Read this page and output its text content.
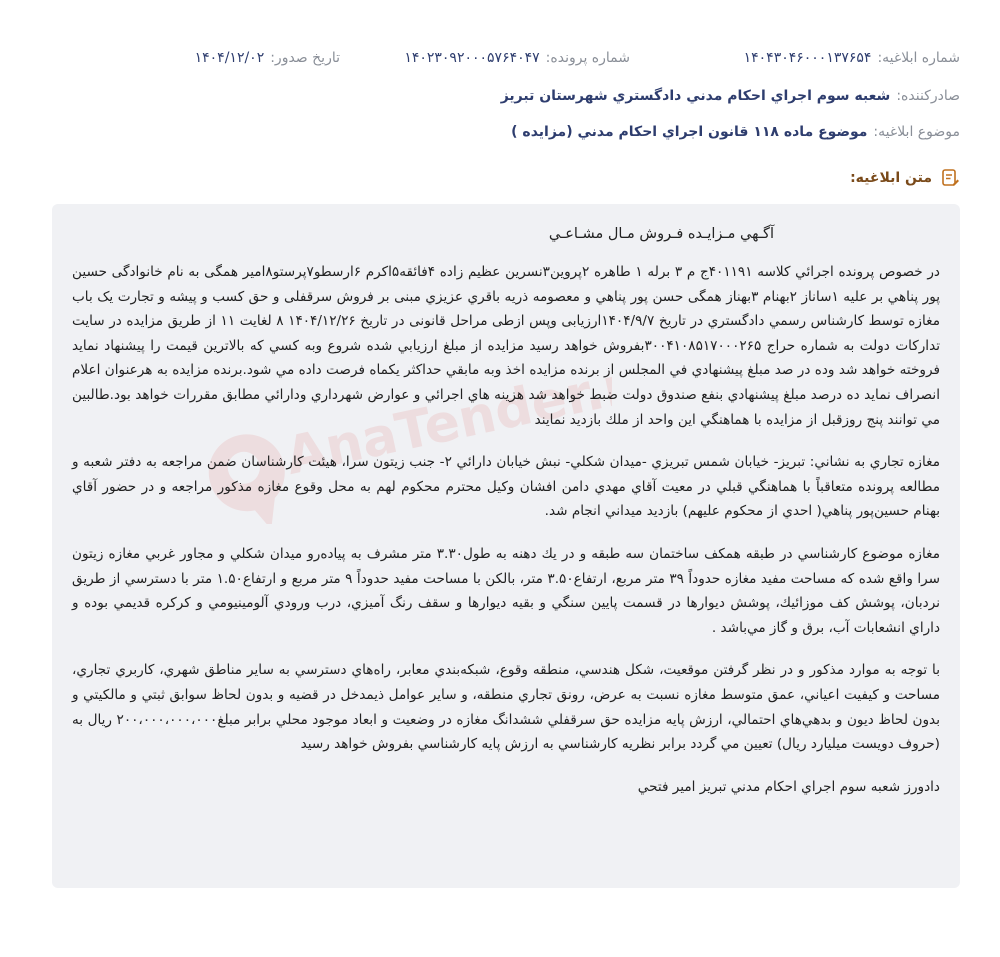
شماره ابلاغیه:
۱۴۰۴۳۰۴۶۰۰۰۱۳۷۶۵۴
شماره پرونده:
۱۴۰۲۳۰۹۲۰۰۰۵۷۶۴۰۴۷
تاریخ صدور:
۱۴۰۴/۱۲/۰۲
صادرکننده:
شعبه سوم اجراي احكام مدني دادگستري شهرستان تبريز
موضوع ابلاغیه:
موضوع ماده ۱۱۸ قانون اجراي احكام مدني (مزايده )
متن ابلاغیه:
AnaTender.net
آگـهي مـزايـده فـروش مـال مشـاعـي

در خصوص پرونده اجرائي كلاسه ۴۰۱۱۹۱ج م ۳ برله ۱ طاهره ۲پروين۳نسرين عظيم زاده ۴فائقه۵اكرم ۶ارسطو۷پرستو۸امير همگی به نام خانوادگی حسين پور پناهي بر عليه ۱ساناز ۲بهنام ۳بهناز همگی حسن پور پناهي و معصومه ذريه باقري عزيزي مبنی بر فروش سرقفلی و حق كسب و پيشه و تجارت يک باب مغازه توسط كارشناس رسمي دادگستري در تاريخ ۱۴۰۴/۹/۷ارزيابی وپس ازطی مراحل قانونی در تاريخ ۱۴۰۴/۱۲/۲۶ ۸ لغايت ۱۱ از طريق مزايده در سايت تداركات دولت به شماره حراج ۳۰۰۴۱۰۸۵۱۷۰۰۰۲۶۵بفروش خواهد رسيد مزايده از مبلغ ارزيابي شده شروع وبه كسي كه بالاترين قيمت را پيشنهاد نمايد فروخته خواهد شد وده در صد مبلغ پيشنهادي في المجلس از برنده مزايده اخذ وبه مابقي حداكثر يكماه فرصت داده مي شود.برنده مزايده به هرعنوان اعلام انصراف نمايد ده درصد مبلغ پيشنهادي بنفع صندوق دولت ضبط خواهد شد هزينه هاي اجرائي و عوارض شهرداري ودارائي مطابق مقررات خواهد بود.طالبين مي توانند پنج روزقبل از مزايده با هماهنگي اين واحد از ملك بازديد نمايند

مغازه تجاري به نشاني: تبريز- خيابان شمس تبريزي -ميدان شكلي- نبش خيابان دارائي ۲- جنب زيتون سرا، هيئت كارشناسان ضمن مراجعه به دفتر شعبه و مطالعه پرونده متعاقباً با هماهنگي قبلي در معيت آقاي مهدي دامن افشان وكيل محترم محكوم لهم به محل وقوع مغازه مذكور مراجعه و در حضور آقاي بهنام حسين‌پور پناهي( احدي از محكوم عليهم) بازديد ميداني انجام شد.

مغازه موضوع كارشناسي در طبقه همكف ساختمان سه طبقه و در يك دهنه به طول۳.۳۰ متر مشرف به پياده‌رو ميدان شكلي و مجاور غربي مغازه زيتون سرا واقع شده كه مساحت مفيد مغازه حدوداً ۳۹ متر مربع، ارتفاع۳.۵۰ متر، بالكن با مساحت مفيد حدوداً ۹ متر مربع و ارتفاع۱.۵۰ متر با دسترسي از طريق نردبان، پوشش كف موزائيك، پوشش ديوارها در قسمت پايين سنگي و بقيه ديوارها و سقف رنگ آميزي، درب ورودي آلومينيومي و كركره قديمي بوده و داراي انشعابات آب، برق و گاز مي‌باشد .

با توجه به موارد مذكور و در نظر گرفتن موقعيت، شكل هندسي، منطقه وقوع، شبكه‌بندي معابر، راه‌هاي دسترسي به ساير مناطق شهري، كاربري تجاري، مساحت و كيفيت اعياني، عمق متوسط مغازه نسبت به عرض، رونق تجاري منطقه، و ساير عوامل ذيمدخل در قضيه و بدون لحاظ سوابق ثبتي و مالكيتي و بدون لحاظ ديون و بدهي‌هاي احتمالي، ارزش پايه مزايده حق سرقفلي ششدانگ مغازه در وضعيت و ابعاد موجود محلي برابر مبلغ۲۰۰،۰۰۰،۰۰۰،۰۰۰ ريال به (حروف دويست ميليارد ريال) تعيين مي گردد برابر نظريه كارشناسي به ارزش پايه كارشناسي بفروش خواهد رسيد

دادورز شعبه سوم اجراي احكام مدني تبريز امير فتحي
